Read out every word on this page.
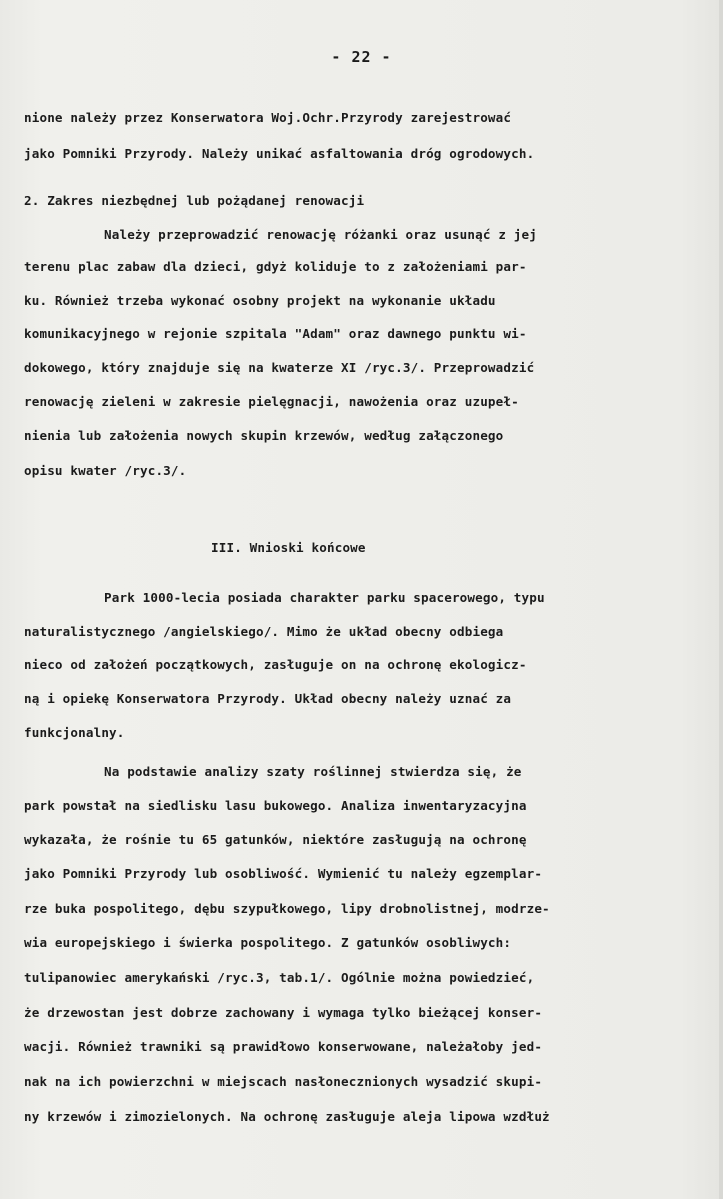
- 22 -
nione należy przez Konserwatora Woj.Ochr.Przyrody zarejestrować
jako Pomniki Przyrody. Należy unikać asfaltowania dróg ogrodowych.
2. Zakres niezbędnej lub pożądanej renowacji
Należy przeprowadzić renowację różanki oraz usunąć z jej
terenu plac zabaw dla dzieci, gdyż koliduje to z założeniami par-
ku. Również trzeba wykonać osobny projekt na wykonanie układu
komunikacyjnego w rejonie szpitala "Adam" oraz dawnego punktu wi-
dokowego, który znajduje się na kwaterze XI /ryc.3/. Przeprowadzić
renowację zieleni w zakresie pielęgnacji, nawożenia oraz uzupeł-
nienia lub założenia nowych skupin krzewów, według załączonego
opisu kwater /ryc.3/.
III. Wnioski końcowe
Park 1000-lecia posiada charakter parku spacerowego, typu
naturalistycznego /angielskiego/. Mimo że układ obecny odbiega
nieco od założeń początkowych, zasługuje on na ochronę ekologicz-
ną i opiekę Konserwatora Przyrody. Układ obecny należy uznać za
funkcjonalny.
Na podstawie analizy szaty roślinnej stwierdza się, że
park powstał na siedlisku lasu bukowego. Analiza inwentaryzacyjna
wykazała, że rośnie tu 65 gatunków, niektóre zasługują na ochronę
jako Pomniki Przyrody lub osobliwość. Wymienić tu należy egzemplar-
rze buka pospolitego, dębu szypułkowego, lipy drobnolistnej, modrze-
wia europejskiego i świerka pospolitego. Z gatunków osobliwych:
tulipanowiec amerykański /ryc.3, tab.1/. Ogólnie można powiedzieć,
że drzewostan jest dobrze zachowany i wymaga tylko bieżącej konser-
wacji. Również trawniki są prawidłowo konserwowane, należałoby jed-
nak na ich powierzchni w miejscach nasłonecznionych wysadzić skupi-
ny krzewów i zimozielonych. Na ochronę zasługuje aleja lipowa wzdłuż
